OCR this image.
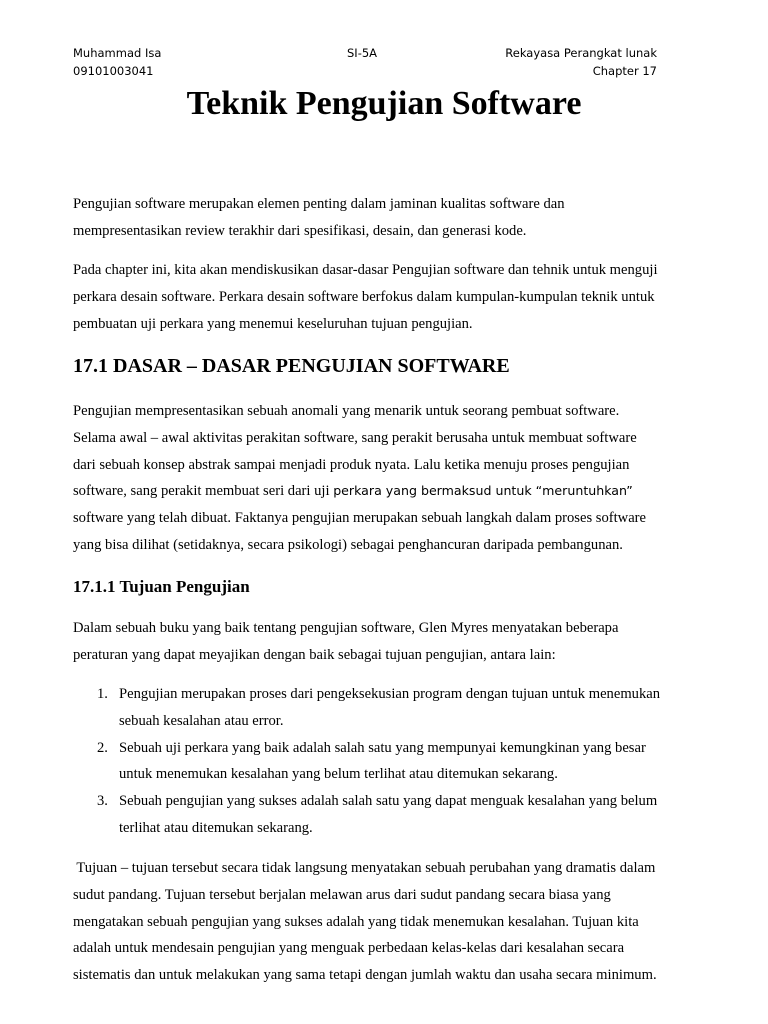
Muhammad Isa
09101003041
SI-5A	Rekayasa Perangkat lunak
Chapter 17
Teknik Pengujian Software
Pengujian software merupakan elemen penting dalam jaminan kualitas software dan
mempresentasikan review terakhir dari spesifikasi, desain, dan generasi kode.
Pada chapter ini, kita akan mendiskusikan dasar-dasar Pengujian software dan tehnik untuk menguji
perkara desain software. Perkara desain software berfokus dalam kumpulan-kumpulan teknik untuk
pembuatan uji perkara yang menemui keseluruhan tujuan pengujian.
17.1 DASAR – DASAR PENGUJIAN SOFTWARE
Pengujian mempresentasikan sebuah anomali yang menarik untuk seorang pembuat software.
Selama awal – awal aktivitas perakitan software, sang perakit berusaha untuk membuat software
dari sebuah konsep abstrak sampai menjadi produk nyata. Lalu ketika menuju proses pengujian
software, sang perakit membuat seri dari uji perkara yang bermaksud untuk “meruntuhkan”
software yang telah dibuat. Faktanya pengujian merupakan sebuah langkah dalam proses software
yang bisa dilihat (setidaknya, secara psikologi) sebagai penghancuran daripada pembangunan.
17.1.1 Tujuan Pengujian
Dalam sebuah buku yang baik tentang pengujian software, Glen Myres menyatakan beberapa
peraturan yang dapat meyajikan dengan baik sebagai tujuan pengujian, antara lain:
1. Pengujian merupakan proses dari pengeksekusian program dengan tujuan untuk menemukan
sebuah kesalahan atau error.
2. Sebuah uji perkara yang baik adalah salah satu yang mempunyai kemungkinan yang besar
untuk menemukan kesalahan yang belum terlihat atau ditemukan sekarang.
3. Sebuah pengujian yang sukses adalah salah satu yang dapat menguak kesalahan yang belum
terlihat atau ditemukan sekarang.
Tujuan – tujuan tersebut secara tidak langsung menyatakan sebuah perubahan yang dramatis dalam
sudut pandang. Tujuan tersebut berjalan melawan arus dari sudut pandang secara biasa yang
mengatakan sebuah pengujian yang sukses adalah yang tidak menemukan kesalahan. Tujuan kita
adalah untuk mendesain pengujian yang menguak perbedaan kelas-kelas dari kesalahan secara
sistematis dan untuk melakukan yang sama tetapi dengan jumlah waktu dan usaha secara minimum.
